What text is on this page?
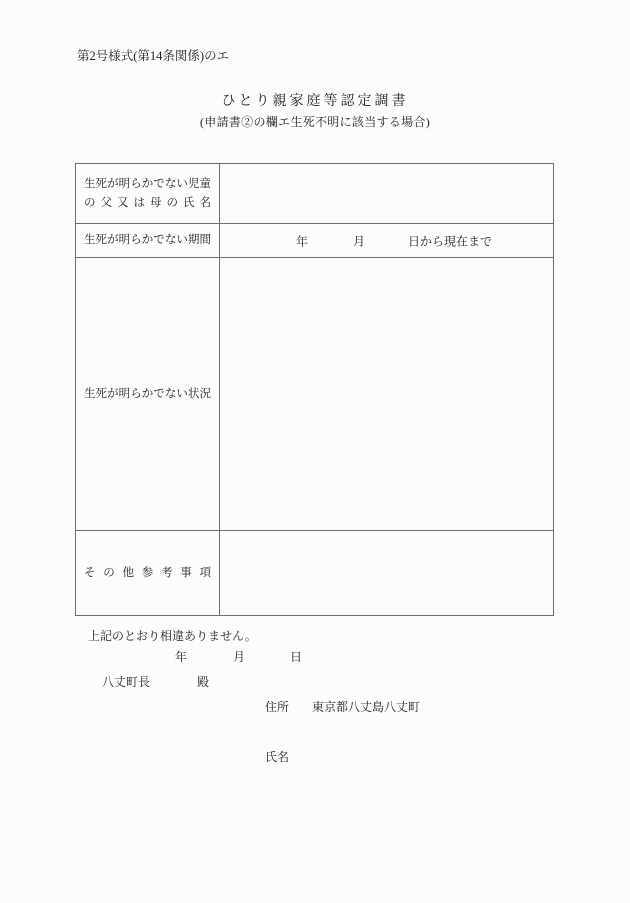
第2号様式(第14条関係)のエ
ひとり親家庭等認定調書
(申請書②の欄エ生死不明に該当する場合)
生死が明らかでない児童
の父又は母の氏名
生死が明らかでない期間	年	月	日から現在まで
生死が明らかでない状況
その他参考事項
上記のとおり相違ありません。
年	月	日
八丈町長	殿
住所 東京都八丈島八丈町
氏名
